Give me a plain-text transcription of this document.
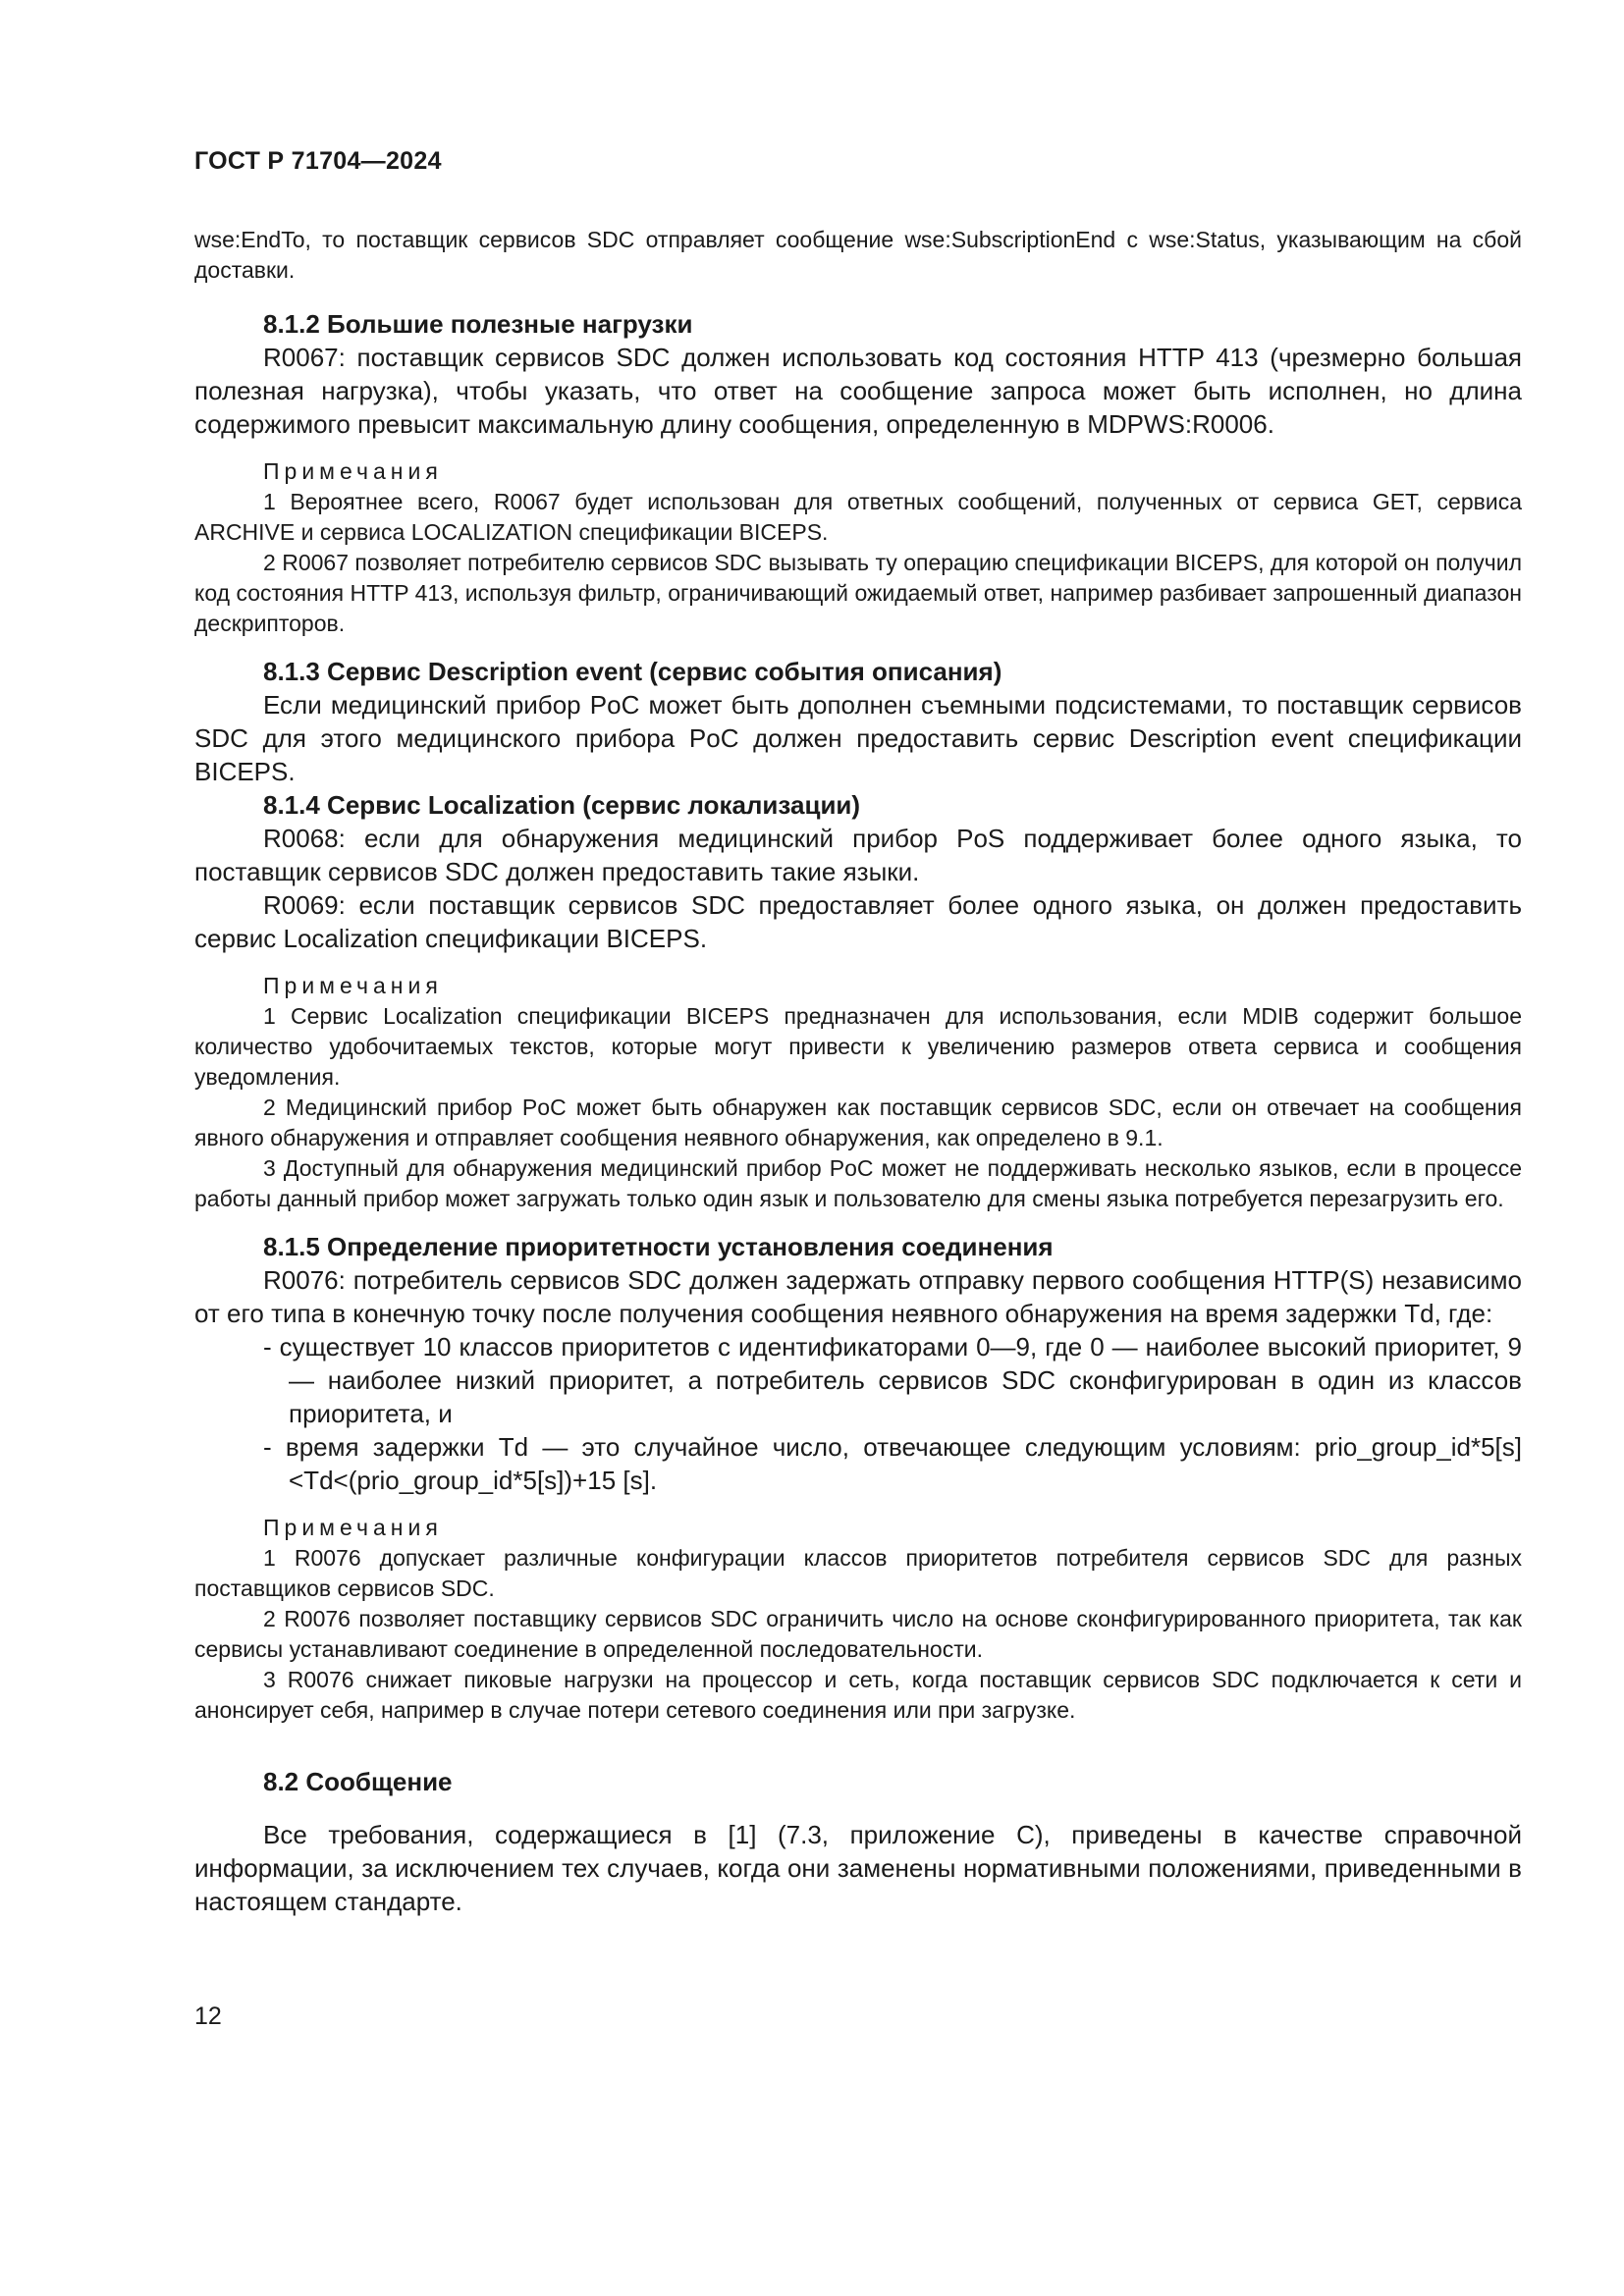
ГОСТ Р 71704—2024

wse:EndTo, то поставщик сервисов SDC отправляет сообщение wse:SubscriptionEnd с wse:Status, указывающим на сбой доставки.

8.1.2 Большие полезные нагрузки

R0067: поставщик сервисов SDC должен использовать код состояния HTTP 413 (чрезмерно большая полезная нагрузка), чтобы указать, что ответ на сообщение запроса может быть исполнен, но длина содержимого превысит максимальную длину сообщения, определенную в MDPWS:R0006.

Примечания

1 Вероятнее всего, R0067 будет использован для ответных сообщений, полученных от сервиса GET, сервиса ARCHIVE и сервиса LOCALIZATION спецификации BICEPS.

2 R0067 позволяет потребителю сервисов SDC вызывать ту операцию спецификации BICEPS, для которой он получил код состояния HTTP 413, используя фильтр, ограничивающий ожидаемый ответ, например разбивает запрошенный диапазон дескрипторов.

8.1.3 Сервис Description event (сервис события описания)

Если медицинский прибор PoC может быть дополнен съемными подсистемами, то поставщик сервисов SDC для этого медицинского прибора PoC должен предоставить сервис Description event спецификации BICEPS.

8.1.4 Сервис Localization (сервис локализации)

R0068: если для обнаружения медицинский прибор PoS поддерживает более одного языка, то поставщик сервисов SDC должен предоставить такие языки.

R0069: если поставщик сервисов SDC предоставляет более одного языка, он должен предоставить сервис Localization спецификации BICEPS.

Примечания

1 Сервис Localization спецификации BICEPS предназначен для использования, если MDIB содержит большое количество удобочитаемых текстов, которые могут привести к увеличению размеров ответа сервиса и сообщения уведомления.

2 Медицинский прибор PoC может быть обнаружен как поставщик сервисов SDC, если он отвечает на сообщения явного обнаружения и отправляет сообщения неявного обнаружения, как определено в 9.1.

3 Доступный для обнаружения медицинский прибор PoC может не поддерживать несколько языков, если в процессе работы данный прибор может загружать только один язык и пользователю для смены языка потребуется перезагрузить его.

8.1.5 Определение приоритетности установления соединения

R0076: потребитель сервисов SDC должен задержать отправку первого сообщения HTTP(S) независимо от его типа в конечную точку после получения сообщения неявного обнаружения на время задержки Td, где:

- существует 10 классов приоритетов с идентификаторами 0—9, где 0 — наиболее высокий приоритет, 9 — наиболее низкий приоритет, а потребитель сервисов SDC сконфигурирован в один из классов приоритета, и

- время задержки Td — это случайное число, отвечающее следующим условиям: prio_group_id*5[s]<Td<(prio_group_id*5[s])+15 [s].

Примечания

1 R0076 допускает различные конфигурации классов приоритетов потребителя сервисов SDC для разных поставщиков сервисов SDC.

2 R0076 позволяет поставщику сервисов SDC ограничить число на основе сконфигурированного приоритета, так как сервисы устанавливают соединение в определенной последовательности.

3 R0076 снижает пиковые нагрузки на процессор и сеть, когда поставщик сервисов SDC подключается к сети и анонсирует себя, например в случае потери сетевого соединения или при загрузке.

8.2 Сообщение

Все требования, содержащиеся в [1] (7.3, приложение C), приведены в качестве справочной информации, за исключением тех случаев, когда они заменены нормативными положениями, приведенными в настоящем стандарте.

12
